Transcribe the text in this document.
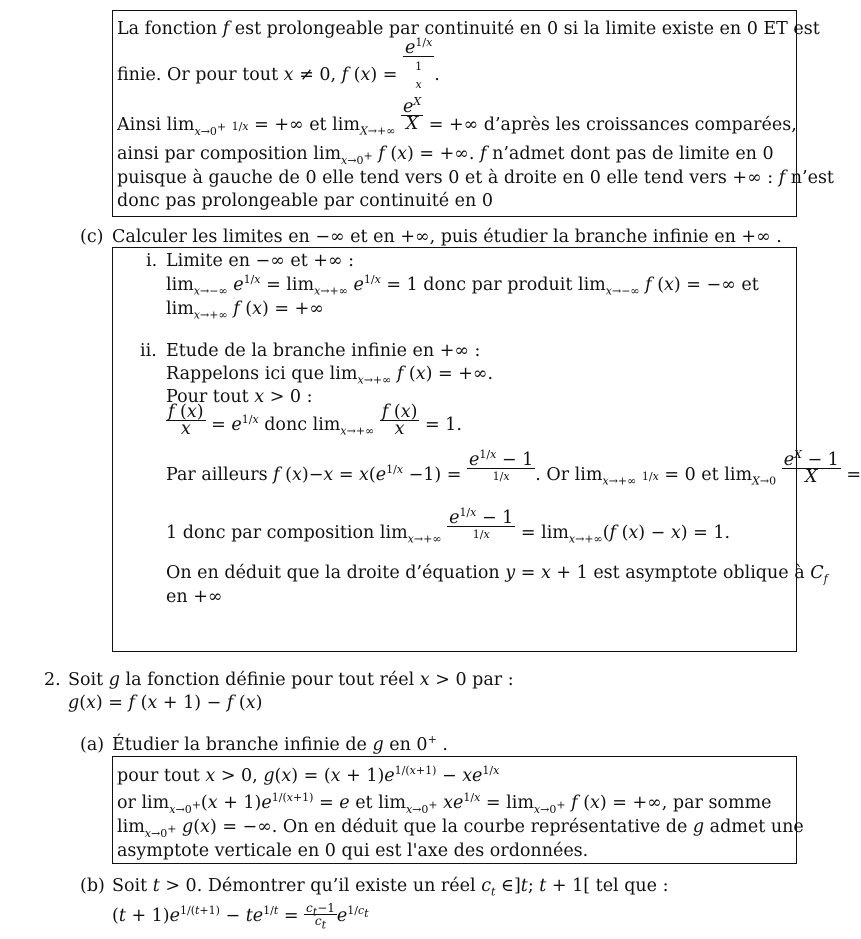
La fonction f est prolongeable par continuité en 0 si la limite existe en 0 ET est
finie. Or pour tout x ≠ 0, f (x) =
$e^{1/x}$
1
x .
Ainsi $\lim_{x\to 0^+} 1/x$ = +∞ et $\lim_{X\to+\infty} \frac{e^X}{X}$ = +∞ d’après les croissances comparées,
ainsi par composition $\lim_{x\to 0^+} f$ (x) = +∞. f n’admet dont pas de limite en 0
puisque à gauche de 0 elle tend vers 0 et à droite en 0 elle tend vers +∞ : f n’est
donc pas prolongeable par continuité en 0
(c) Calculer les limites en −∞ et en +∞, puis étudier la branche infinie en +∞ .
i. Limite en −∞ et +∞ :
$\lim_{x\to-\infty} e^{1/x} = \lim_{x\to+\infty} e^{1/x} = 1$ donc par produit $\lim_{x\to-\infty} f$ (x) = −∞ et
$\lim_{x\to+\infty} f$ (x) = +∞
ii. Etude de la branche infinie en +∞ :
Rappelons ici que $\lim_{x\to+\infty} f$ (x) = +∞.
Pour tout x > 0 :
$\frac{f (x)}{x} = e^{1/x}$ donc $\lim_{x\to+\infty} \frac{f (x)}{x} = 1$.
Par ailleurs f $(x)-x = x(e^{1/x} -1)$ =
$e^{1/x} - 1$
1/x	. Or $\lim_{x\to+\infty} 1/x = 0$ et $\lim_{X\to 0} \frac{e^X - 1}{X}$ =
1 donc par composition $\lim_{x\to+\infty}$
$e^{1/x} - 1$
1/x	= $\lim_{x\to+\infty}(f$ (x) − x) = 1.
On en déduit que la droite d’équation y = x + 1 est asymptote oblique à $C_f$
en +∞
2. Soit g la fonction définie pour tout réel x > 0 par :
g(x) = f (x + 1) − f (x)
(a) Étudier la branche infinie de g en 0+ .
pour tout x > 0, $g(x) = (x + 1)e^{1/(x+1)} - xe^{1/x}$
or $\lim_{x\to 0^+}(x + 1)e^{1/(x+1)} = e$ et $\lim_{x\to 0^+} xe^{1/x} = \lim_{x\to 0^+} f$ (x) = +∞, par somme
$\lim_{x\to 0^+} g(x)$ = −∞. On en déduit que la courbe représentative de g admet une
asymptote verticale en 0 qui est l'axe des ordonnées.
(b) Soit t > 0. Démontrer qu’il existe un réel $c_t$ ∈]t; t + 1[ tel que :
$(t + 1)e^{1/(t+1)} - te^{1/t} = \frac{c_t-1}{c_t} e^{1/c_t}$
